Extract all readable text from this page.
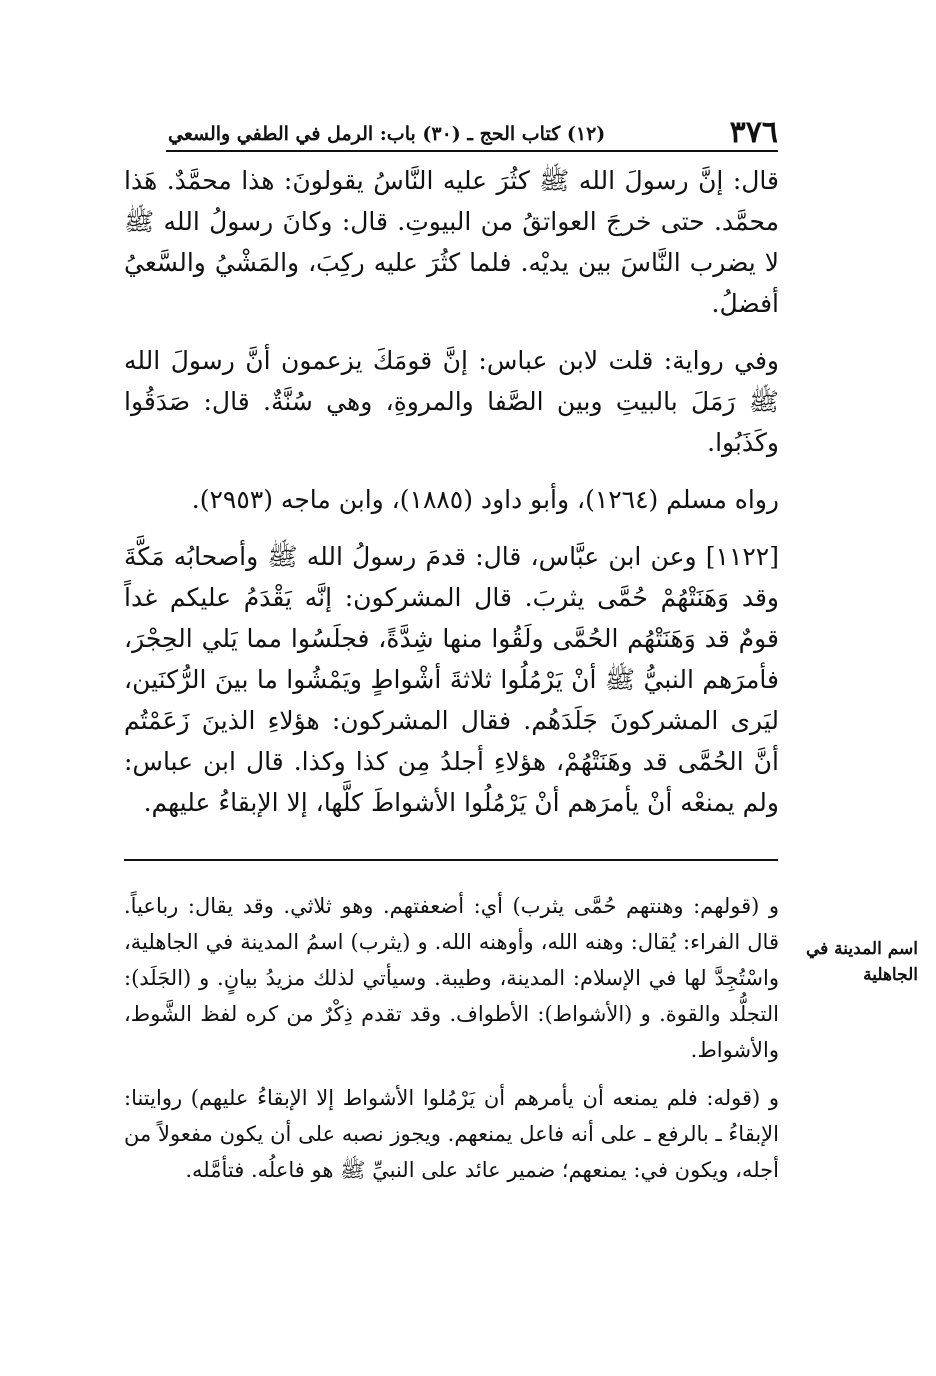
٣٧٦
(١٢) كتاب الحج ـ (٣٠) باب: الرمل في الطفي والسعي

قال: إنَّ رسولَ الله ﷺ كثُرَ عليه النَّاسُ يقولونَ: هذا محمَّدٌ. هَذا محمَّد. حتى خرجَ العواتقُ من البيوتِ. قال: وكانَ رسولُ الله ﷺ لا يضرب النَّاسَ بين يديْه. فلما كثُرَ عليه ركِبَ، والمَشْيُ والسَّعيُ أفضلُ.

وفي رواية: قلت لابن عباس: إنَّ قومَكَ يزعمون أنَّ رسولَ الله ﷺ رَمَلَ بالبيتِ وبين الصَّفا والمروةِ، وهي سُنَّةٌ. قال: صَدَقُوا وكَذَبُوا.

رواه مسلم (١٢٦٤)، وأبو داود (١٨٨٥)، وابن ماجه (٢٩٥٣).

[١١٢٢] وعن ابن عبَّاس، قال: قدمَ رسولُ الله ﷺ وأصحابُه مَكَّةَ وقد وَهَنَتْهُمْ حُمَّى يثربَ. قال المشركون: إنَّه يَقْدَمُ عليكم غداً قومٌ قد وَهَنَتْهُم الحُمَّى ولَقُوا منها شِدَّةً، فجلَسُوا مما يَلي الحِجْرَ، فأمرَهم النبيُّ ﷺ أنْ يَرْمُلُوا ثلاثةَ أشْواطٍ ويَمْشُوا ما بينَ الرُّكنَين، ليَرى المشركونَ جَلَدَهُم. فقال المشركون: هؤلاءِ الذينَ زَعَمْتُم أنَّ الحُمَّى قد وهَنَتْهُمْ، هؤلاءِ أجلدُ مِن كذا وكذا. قال ابن عباس: ولم يمنعْه أنْ يأمرَهم أنْ يَرْمُلُوا الأشواطَ كلَّها، إلا الإبقاءُ عليهم.

و (قولهم: وهنتهم حُمَّى يثرب) أي: أضعفتهم. وهو ثلاثي. وقد يقال: رباعياً. قال الفراء: يُقال: وهنه الله، وأوهنه الله. و (يثرب) اسمُ المدينة في الجاهلية، واسْتُجِدَّ لها في الإسلام: المدينة، وطيبة. وسيأتي لذلك مزيدُ بيانٍ. و (الجَلَد): التجلُّد والقوة. و (الأشواط): الأطواف. وقد تقدم ذِكْرٌ من كره لفظ الشَّوط، والأشواط.

و (قوله: فلم يمنعه أن يأمرهم أن يَرْمُلوا الأشواط إلا الإبقاءُ عليهم) روايتنا: الإبقاءُ ـ بالرفع ـ على أنه فاعل يمنعهم. ويجوز نصبه على أن يكون مفعولاً من أجله، ويكون في: يمنعهم؛ ضمير عائد على النبيِّ ﷺ هو فاعلُه. فتأمَّله.

اسم المدينة في الجاهلية
